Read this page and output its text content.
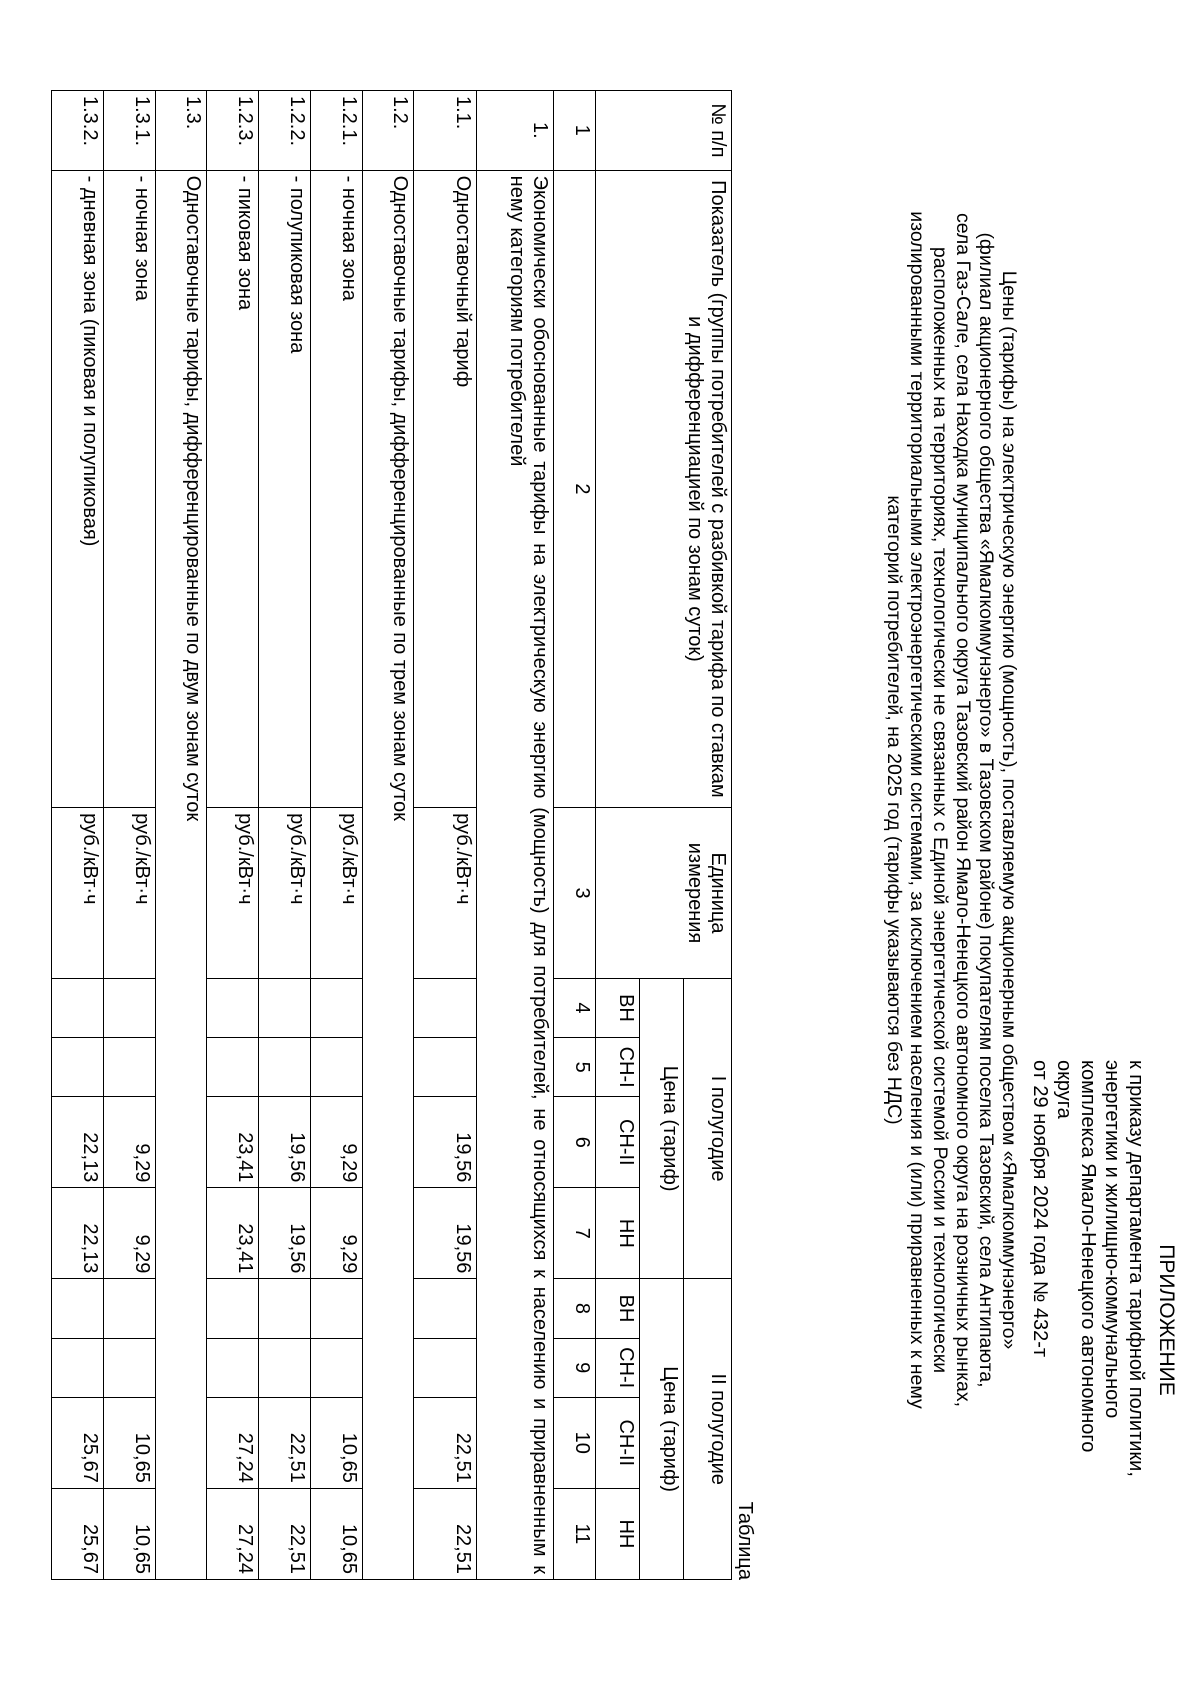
ПРИЛОЖЕНИЕ
к приказу департамента тарифной политики,
энергетики и жилищно-коммунального
комплекса Ямало-Ненецкого автономного
округа
от 29 ноября 2024 года № 432-т
Цены (тарифы) на электрическую энергию (мощность), поставляемую акционерным обществом «Ямалкоммунэнерго»
(филиал акционерного общества «Ямалкоммунэнерго» в Тазовском районе) покупателям поселка Тазовский, села Антипаюта,
села Газ-Сале, села Находка муниципального округа Тазовский район Ямало-Ненецкого автономного округа на розничных рынках,
расположенных на территориях, технологически не связанных с Единой энергетической системой России и технологически
изолированными территориальными электроэнергетическими системами, за исключением населения и (или) приравненных к нему
категорий потребителей, на 2025 год (тарифы указываются без НДС)
Таблица
№ п/п	Показатель (группы потребителей с разбивкой тарифа по ставкам и дифференциацией по зонам суток)	Единица измерения	I полугодие				II полугодие			
			Цена (тариф)				Цена (тариф)			
			ВН	СН-I	СН-II	НН	ВН	СН-I	СН-II	НН
1	2	3	4	5	6	7	8	9	10	11
1.	Экономически обоснованные тарифы на электрическую энергию (мощность) для потребителей, не относящихся к населению и приравненным к нему категориям потребителей									
1.1.	Одноставочный тариф	руб./кВт·ч			19,56	19,56			22,51	22,51
1.2.	Одноставочные тарифы, дифференцированные по трем зонам суток									
1.2.1.	- ночная зона	руб./кВт·ч			9,29	9,29			10,65	10,65
1.2.2.	- полупиковая зона	руб./кВт·ч			19,56	19,56			22,51	22,51
1.2.3.	- пиковая зона	руб./кВт·ч			23,41	23,41			27,24	27,24
1.3.	Одноставочные тарифы, дифференцированные по двум зонам суток									
1.3.1.	- ночная зона	руб./кВт·ч			9,29	9,29			10,65	10,65
1.3.2.	- дневная зона (пиковая и полупиковая)	руб./кВт·ч			22,13	22,13			25,67	25,67
